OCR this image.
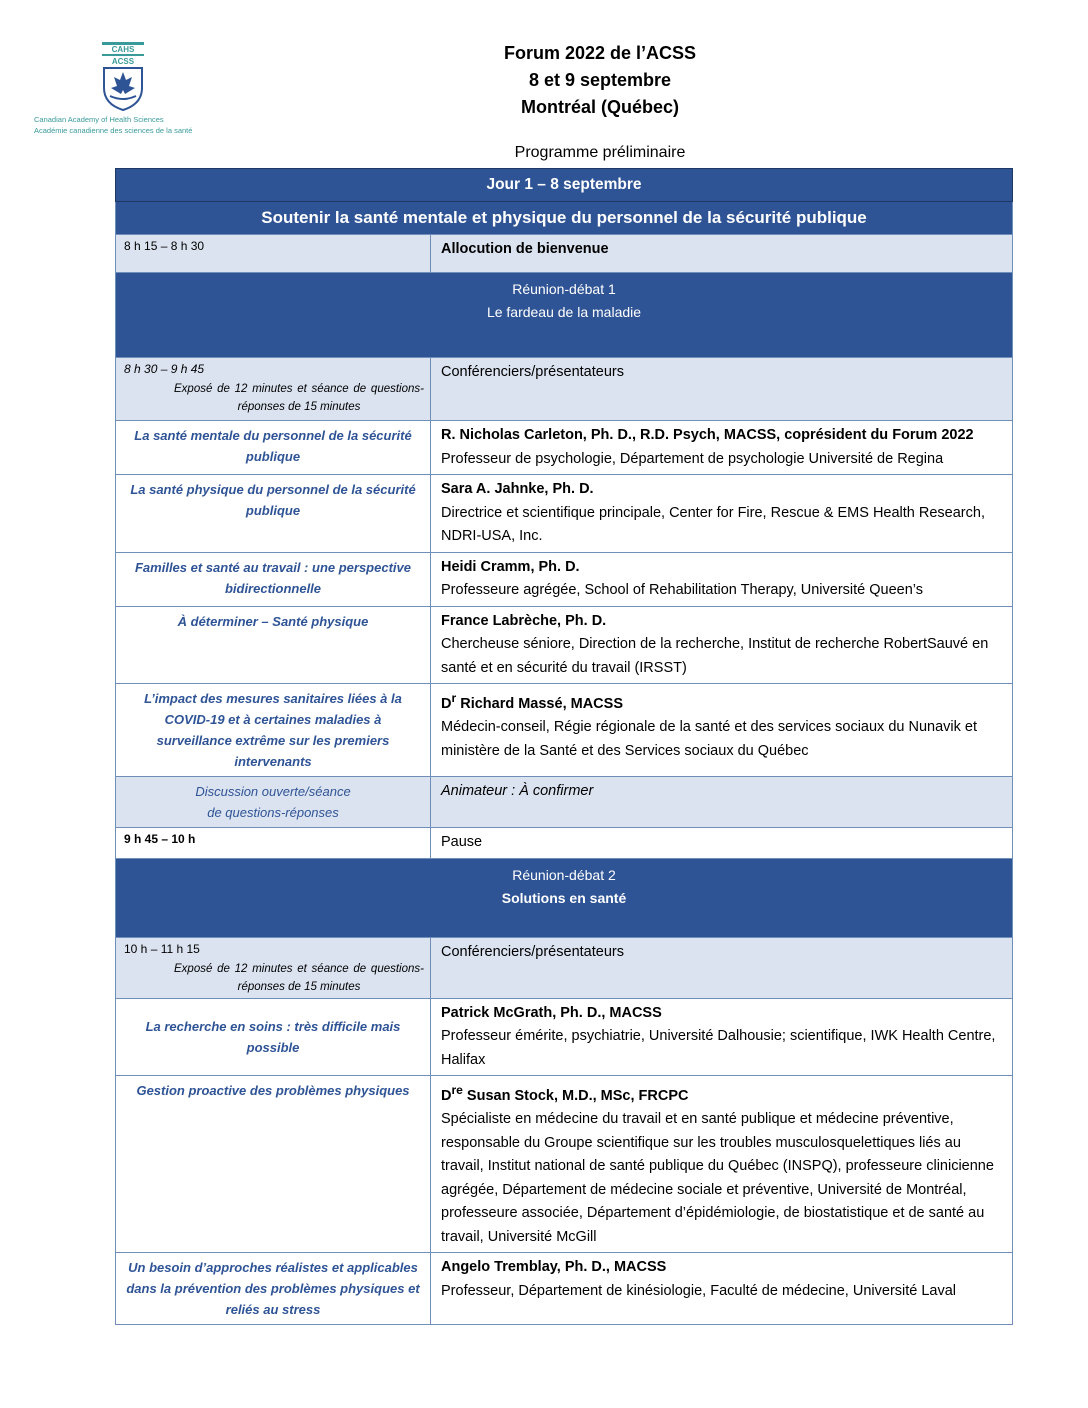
CAHS
ACSS
Canadian Academy of Health Sciences
Académie canadienne des sciences de la santé
Forum 2022 de l’ACSS
8 et 9 septembre
Montréal (Québec)
Programme préliminaire
Jour 1 – 8 septembre	
Soutenir la santé mentale et physique du personnel de la sécurité publique	
8 h 15 – 8 h 30	Allocution de bienvenue

Réunion-débat 1
Le fardeau de la maladie	

8 h 30 – 9 h 45
Exposé de 12 minutes et séance de questions-réponses de 15 minutes	Conférenciers/présentateurs
La santé mentale du personnel de la sécurité publique	R. Nicholas Carleton, Ph. D., R.D. Psych, MACSS, coprésident du Forum 2022
Professeur de psychologie, Département de psychologie Université de Regina
La santé physique du personnel de la sécurité publique	Sara A. Jahnke, Ph. D.
Directrice et scientifique principale, Center for Fire, Rescue & EMS Health Research, NDRI-USA, Inc.
Familles et santé au travail : une perspective bidirectionnelle	Heidi Cramm, Ph. D.
Professeure agrégée, School of Rehabilitation Therapy, Université Queen’s
À déterminer – Santé physique	France Labrèche, Ph. D.
Chercheuse séniore, Direction de la recherche, Institut de recherche RobertSauvé en santé et en sécurité du travail (IRSST)
L’impact des mesures sanitaires liées à la COVID-19 et à certaines maladies à surveillance extrême sur les premiers intervenants	$D^r$ Richard Massé, MACSS
Médecin-conseil, Régie régionale de la santé et des services sociaux du Nunavik et ministère de la Santé et des Services sociaux du Québec

Discussion ouverte/séance
de questions-réponses	Animateur : À confirmer
9 h 45 – 10 h	Pause

Réunion-débat 2
Solutions en santé	

10 h – 11 h 15
Exposé de 12 minutes et séance de questions-réponses de 15 minutes	Conférenciers/présentateurs
La recherche en soins : très difficile mais possible	Patrick McGrath, Ph. D., MACSS
Professeur émérite, psychiatrie, Université Dalhousie; scientifique, IWK Health Centre, Halifax
Gestion proactive des problèmes physiques	Dre Susan Stock, M.D., MSc, FRCPC
Spécialiste en médecine du travail et en santé publique et médecine préventive, responsable du Groupe scientifique sur les troubles musculosquelettiques liés au travail, Institut national de santé publique du Québec (INSPQ), professeure clinicienne agrégée, Département de médecine sociale et préventive, Université de Montréal, professeure associée, Département d’épidémiologie, de biostatistique et de santé au travail, Université McGill
Un besoin d’approches réalistes et applicables dans la prévention des problèmes physiques et reliés au stress	Angelo Tremblay, Ph. D., MACSS
Professeur, Département de kinésiologie, Faculté de médecine, Université Laval
